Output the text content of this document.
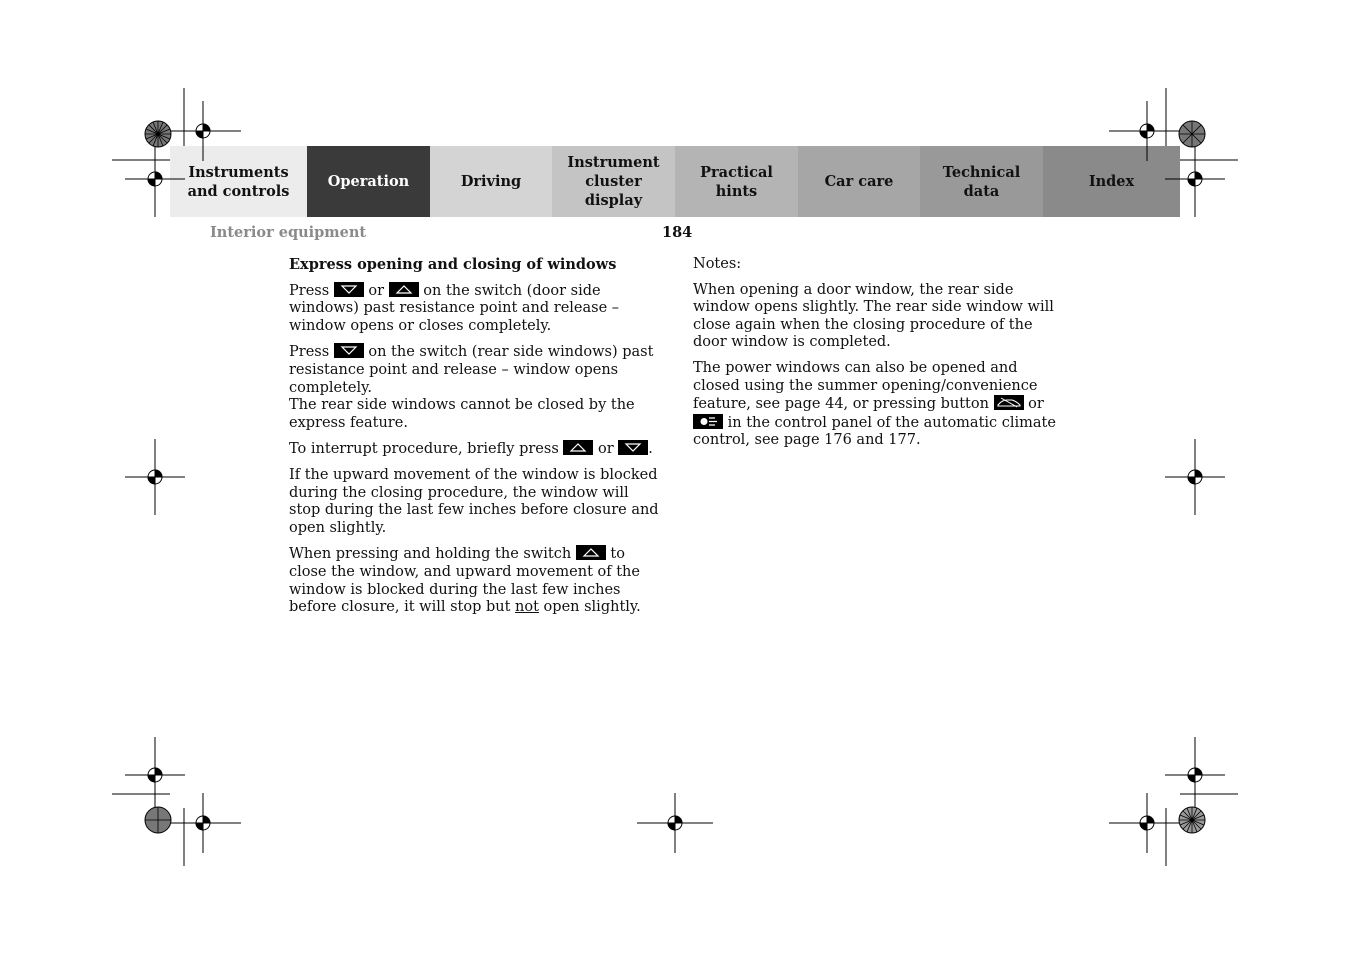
Instruments
and controls
Operation	Driving
Instrument
cluster display
Practical hints
Car care
Technical
data
Index
Interior equipment	184

Express opening and closing of windows

Press
or
on the switch (door side windows) past resistance point and release – window opens or closes completely.

Press
on the switch (rear side windows) past resistance point and release – window opens completely.
The rear side windows cannot be closed by the express feature.

To interrupt procedure, briefly press
or
.

If the upward movement of the window is blocked during the closing procedure, the window will stop during the last few inches before closure and open slightly.

When pressing and holding the switch
to close the window, and upward movement of the window is blocked during the last few inches before closure, it will stop but not open slightly.

Notes:

When opening a door window, the rear side window opens slightly. The rear side window will close again when the closing procedure of the door window is completed.

The power windows can also be opened and closed using the summer opening/convenience feature, see page 44, or pressing button
or
in the control panel of the automatic climate control, see page 176 and 177.
